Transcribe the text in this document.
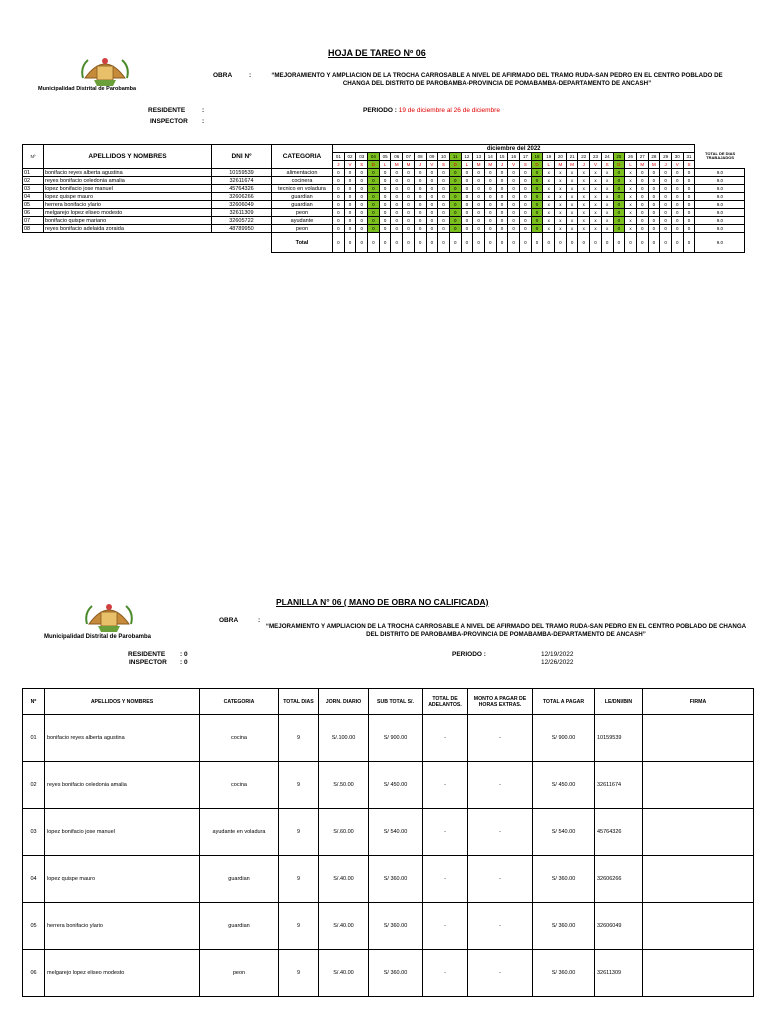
Municipalidad Distrital de Parobamba
HOJA DE TAREO Nº 06
OBRA	:	“MEJORAMIENTO Y AMPLIACION DE LA TROCHA CARROSABLE A NIVEL DE AFIRMADO DEL TRAMO RUDA-SAN PEDRO EN EL CENTRO POBLADO DE CHANGA DEL DISTRITO DE PAROBAMBA-PROVINCIA DE POMABAMBA-DEPARTAMENTO DE ANCASH”
RESIDENTE	:
INSPECTOR :
PERIODO : 19 de diciembre al 26 de diciembre
Nº	APELLIDOS Y NOMBRES	DNI Nº	CATEGORIA	diciembre del 2022																															TOTAL DE DIAS TRABAJADOS
				01	02	03	04	05	06	07	08	09	10	11	12	13	14	15	16	17	18	19	20	21	22	23	24	25	26	27	28	29	30	31	
				J	V	S	D	L	M	M	J	V	S	D	L	M	M	J	V	S	D	L	M	M	J	V	S	D	L	M	M	J	V	S	
01	bonifacio reyes alberta agustina	10159539	alimentacion	0	0	0	0	0	0	0	0	0	0	0	0	0	0	0	0	0	0	x	x	x	x	x	x	0	x	0	0	0	0	0	9.0
02	reyes bonifacio celedonia amalia	32611674	cocinera	0	0	0	0	0	0	0	0	0	0	0	0	0	0	0	0	0	0	x	x	x	x	x	x	0	x	0	0	0	0	0	9.0
03	lopez bonifacio jose manuel	45764326	tecnico en voladura	0	0	0	0	0	0	0	0	0	0	0	0	0	0	0	0	0	0	x	x	x	x	x	x	0	x	0	0	0	0	0	9.0
04	lopez quispe mauro	32606266	guardian	0	0	0	0	0	0	0	0	0	0	0	0	0	0	0	0	0	0	x	x	x	x	x	x	0	x	0	0	0	0	0	9.0
05	herrera bonifacio ylario	32606049	guardian	0	0	0	0	0	0	0	0	0	0	0	0	0	0	0	0	0	0	x	x	x	x	x	x	0	x	0	0	0	0	0	9.0
06	melgarejo lopez eliseo modesto	32611309	peon	0	0	0	0	0	0	0	0	0	0	0	0	0	0	0	0	0	0	x	x	x	x	x	x	0	x	0	0	0	0	0	9.0
07	bonifacio quispe mariano	32605722	ayudante	0	0	0	0	0	0	0	0	0	0	0	0	0	0	0	0	0	0	x	x	x	x	x	x	0	x	0	0	0	0	0	9.0
08	reyes bonifacio adelaida zoraida	48789950	peon	0	0	0	0	0	0	0	0	0	0	0	0	0	0	0	0	0	0	x	x	x	x	x	x	0	x	0	0	0	0	0	9.0
			Total	0	0	0	0	0	0	0	0	0	0	0	0	0	0	0	0	0	0	0	0	0	0	0	0	0	0	0	0	0	0	0	9.0
PLANILLA N° 06 ( MANO DE OBRA NO CALIFICADA)
Municipalidad Distrital de Parobamba
OBRA	:
“MEJORAMIENTO Y AMPLIACION DE LA TROCHA CARROSABLE A NIVEL DE AFIRMADO DEL TRAMO RUDA-SAN PEDRO EN EL CENTRO POBLADO DE CHANGA DEL DISTRITO DE PAROBAMBA-PROVINCIA DE POMABAMBA-DEPARTAMENTO DE ANCASH”
RESIDENTE : 0
INSPECTOR : 0
PERIODO :	12/19/2022
12/26/2022
Nº	APELLIDOS Y NOMBRES	CATEGORIA	TOTAL DIAS	JORN. DIARIO	SUB TOTAL S/.	TOTAL DE ADELANTOS.	MONTO A PAGAR DE HORAS EXTRAS.	TOTAL A PAGAR	LE/DNI/BIN	FIRMA
01	bonifacio reyes alberta agustina	cocina	9	S/.100.00	S/ 900.00	-	-	S/ 900.00	10159539	
02	reyes bonifacio celedonia amalia	cocina	9	S/.50.00	S/ 450.00	-	-	S/ 450.00	32611674	
03	lopez bonifacio jose manuel	ayudante en voladura	9	S/.60.00	S/ 540.00	-	-	S/ 540.00	45764326	
04	lopez quispe mauro	guardian	9	S/.40.00	S/ 360.00	-	-	S/ 360.00	32606266	
05	herrera bonifacio ylario	guardian	9	S/.40.00	S/ 360.00	-	-	S/ 360.00	32606049	
06	melgarejo lopez eliseo modesto	peon	9	S/.40.00	S/ 360.00	-	-	S/ 360.00	32611309	
